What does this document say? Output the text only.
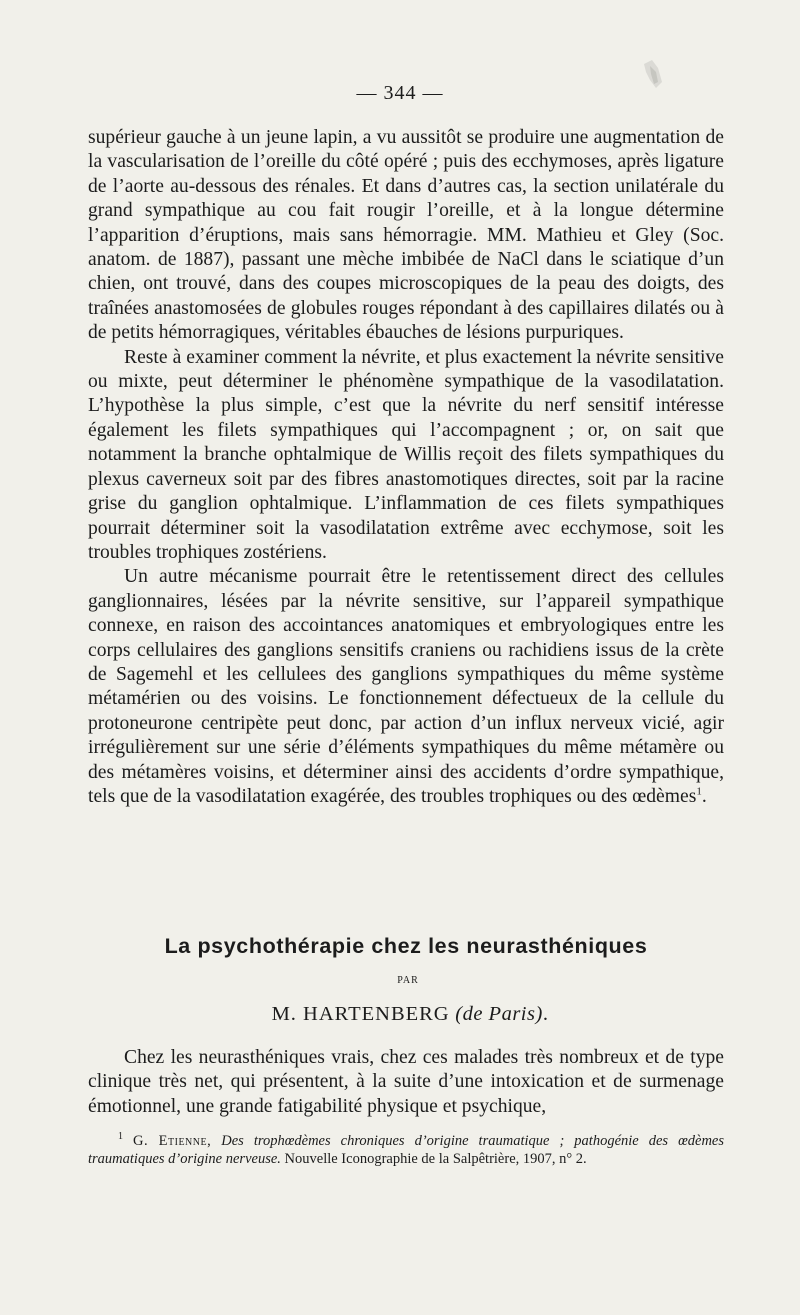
— 344 —

supérieur gauche à un jeune lapin, a vu aussitôt se produire une augmentation de la vascularisation de l’oreille du côté opéré ; puis des ecchymoses, après ligature de l’aorte au-dessous des rénales. Et dans d’autres cas, la section unilatérale du grand sympathique au cou fait rougir l’oreille, et à la longue détermine l’apparition d’éruptions, mais sans hémorragie. MM. Mathieu et Gley (Soc. anatom. de 1887), passant une mèche imbibée de NaCl dans le sciatique d’un chien, ont trouvé, dans des coupes microscopiques de la peau des doigts, des traînées anastomosées de globules rouges répondant à des capillaires dilatés ou à de petits hémorragiques, véritables ébauches de lésions purpuriques.

Reste à examiner comment la névrite, et plus exactement la névrite sensitive ou mixte, peut déterminer le phénomène sympathique de la vasodilatation. L’hypothèse la plus simple, c’est que la névrite du nerf sensitif intéresse également les filets sympathiques qui l’accompagnent ; or, on sait que notamment la branche ophtalmique de Willis reçoit des filets sympathiques du plexus caverneux soit par des fibres anastomotiques directes, soit par la racine grise du ganglion ophtalmique. L’inflammation de ces filets sympathiques pourrait déterminer soit la vasodilatation extrême avec ecchymose, soit les troubles trophiques zostériens.

Un autre mécanisme pourrait être le retentissement direct des cellules ganglionnaires, lésées par la névrite sensitive, sur l’appareil sympathique connexe, en raison des accointances anatomiques et embryologiques entre les corps cellulaires des ganglions sensitifs craniens ou rachidiens issus de la crète de Sagemehl et les cellulees des ganglions sympathiques du même système métamérien ou des voisins. Le fonctionnement défectueux de la cellule du protoneurone centripète peut donc, par action d’un influx nerveux vicié, agir irrégulièrement sur une série d’éléments sympathiques du même métamère ou des métamères voisins, et déterminer ainsi des accidents d’ordre sympathique, tels que de la vasodilatation exagérée, des troubles trophiques ou des œdèmes$^1$.

La psychothérapie chez les neurasthéniques
PAR
M. HARTENBERG (de Paris).

Chez les neurasthéniques vrais, chez ces malades très nombreux et de type clinique très net, qui présentent, à la suite d’une intoxication et de surmenage émotionnel, une grande fatigabilité physique et psychique,

$^1$ G. Etienne, Des trophœdèmes chroniques d’origine traumatique ; pathogénie des œdèmes traumatiques d’origine nerveuse. Nouvelle Iconographie de la Salpêtrière, 1907, n° 2.
